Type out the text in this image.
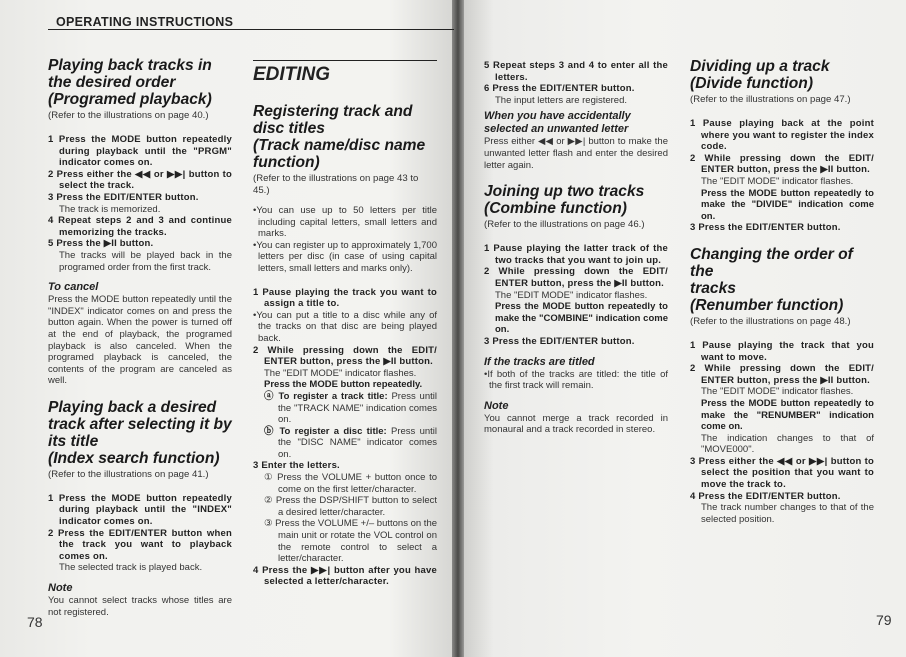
OPERATING INSTRUCTIONS
Playing back tracks in
the desired order
(Programed playback)
(Refer to the illustrations on page 40.)
1 Press the MODE button repeatedly during playback until the "PRGM" indicator comes on.
2 Press either the ◀◀ or ▶▶| button to select the track.
3 Press the EDIT/ENTER button.
The track is memorized.
4 Repeat steps 2 and 3 and continue memorizing the tracks.
5 Press the ▶II button.
The tracks will be played back in the programed order from the first track.
To cancel
Press the MODE button repeatedly until the "INDEX" indicator comes on and press the button again. When the power is turned off at the end of playback, the programed playback is also canceled. When the programed playback is canceled, the contents of the program are canceled as well.
Playing back a desired
track after selecting it by
its title
(Index search function)
(Refer to the illustrations on page 41.)
1 Press the MODE button repeatedly during playback until the "INDEX" indicator comes on.
2 Press the EDIT/ENTER button when the track you want to playback comes on.
The selected track is played back.
Note
You cannot select tracks whose titles are not registered.
EDITING
Registering track and
disc titles
(Track name/disc name
function)
(Refer to the illustrations on page 43 to 45.)
•You can use up to 50 letters per title including capital letters, small letters and marks.
•You can register up to approximately 1,700 letters per disc (in case of using capital letters, small letters and marks only).
1 Pause playing the track you want to assign a title to.
•You can put a title to a disc while any of the tracks on that disc are being played back.
2 While pressing down the EDIT/ ENTER button, press the ▶II button.
The "EDIT MODE" indicator flashes.
Press the MODE button repeatedly.
ⓐ To register a track title: Press until the "TRACK NAME" indication comes on.
ⓑ To register a disc title: Press until the "DISC NAME" indicator comes on.
3 Enter the letters.
① Press the VOLUME + button once to come on the first letter/character.
② Press the DSP/SHIFT button to select a desired letter/character.
③ Press the VOLUME +/– buttons on the main unit or rotate the VOL control on the remote control to select a letter/character.
4 Press the ▶▶| button after you have selected a letter/character.
5 Repeat steps 3 and 4 to enter all the letters.
6 Press the EDIT/ENTER button.
The input letters are registered.
When you have accidentally
selected an unwanted letter
Press either ◀◀ or ▶▶| button to make the unwanted letter flash and enter the desired letter again.
Joining up two tracks
(Combine function)
(Refer to the illustrations on page 46.)
1 Pause playing the latter track of the two tracks that you want to join up.
2 While pressing down the EDIT/ ENTER button, press the ▶II button.
The "EDIT MODE" indicator flashes.
Press the MODE button repeatedly to make the "COMBINE" indication come on.
3 Press the EDIT/ENTER button.
If the tracks are titled
•If both of the tracks are titled: the title of the first track will remain.
Note
You cannot merge a track recorded in monaural and a track recorded in stereo.
Dividing up a track
(Divide function)
(Refer to the illustrations on page 47.)
1 Pause playing back at the point where you want to register the index code.
2 While pressing down the EDIT/ ENTER button, press the ▶II button.
The "EDIT MODE" indicator flashes.
Press the MODE button repeatedly to make the "DIVIDE" indication come on.
3 Press the EDIT/ENTER button.
Changing the order of the
tracks
(Renumber function)
(Refer to the illustrations on page 48.)
1 Pause playing the track that you want to move.
2 While pressing down the EDIT/ ENTER button, press the ▶II button.
The "EDIT MODE" indicator flashes.
Press the MODE button repeatedly to make the "RENUMBER" indication come on.
The indication changes to that of "MOVE000".
3 Press either the ◀◀ or ▶▶| button to select the position that you want to move the track to.
4 Press the EDIT/ENTER button.
The track number changes to that of the selected position.
78	79
